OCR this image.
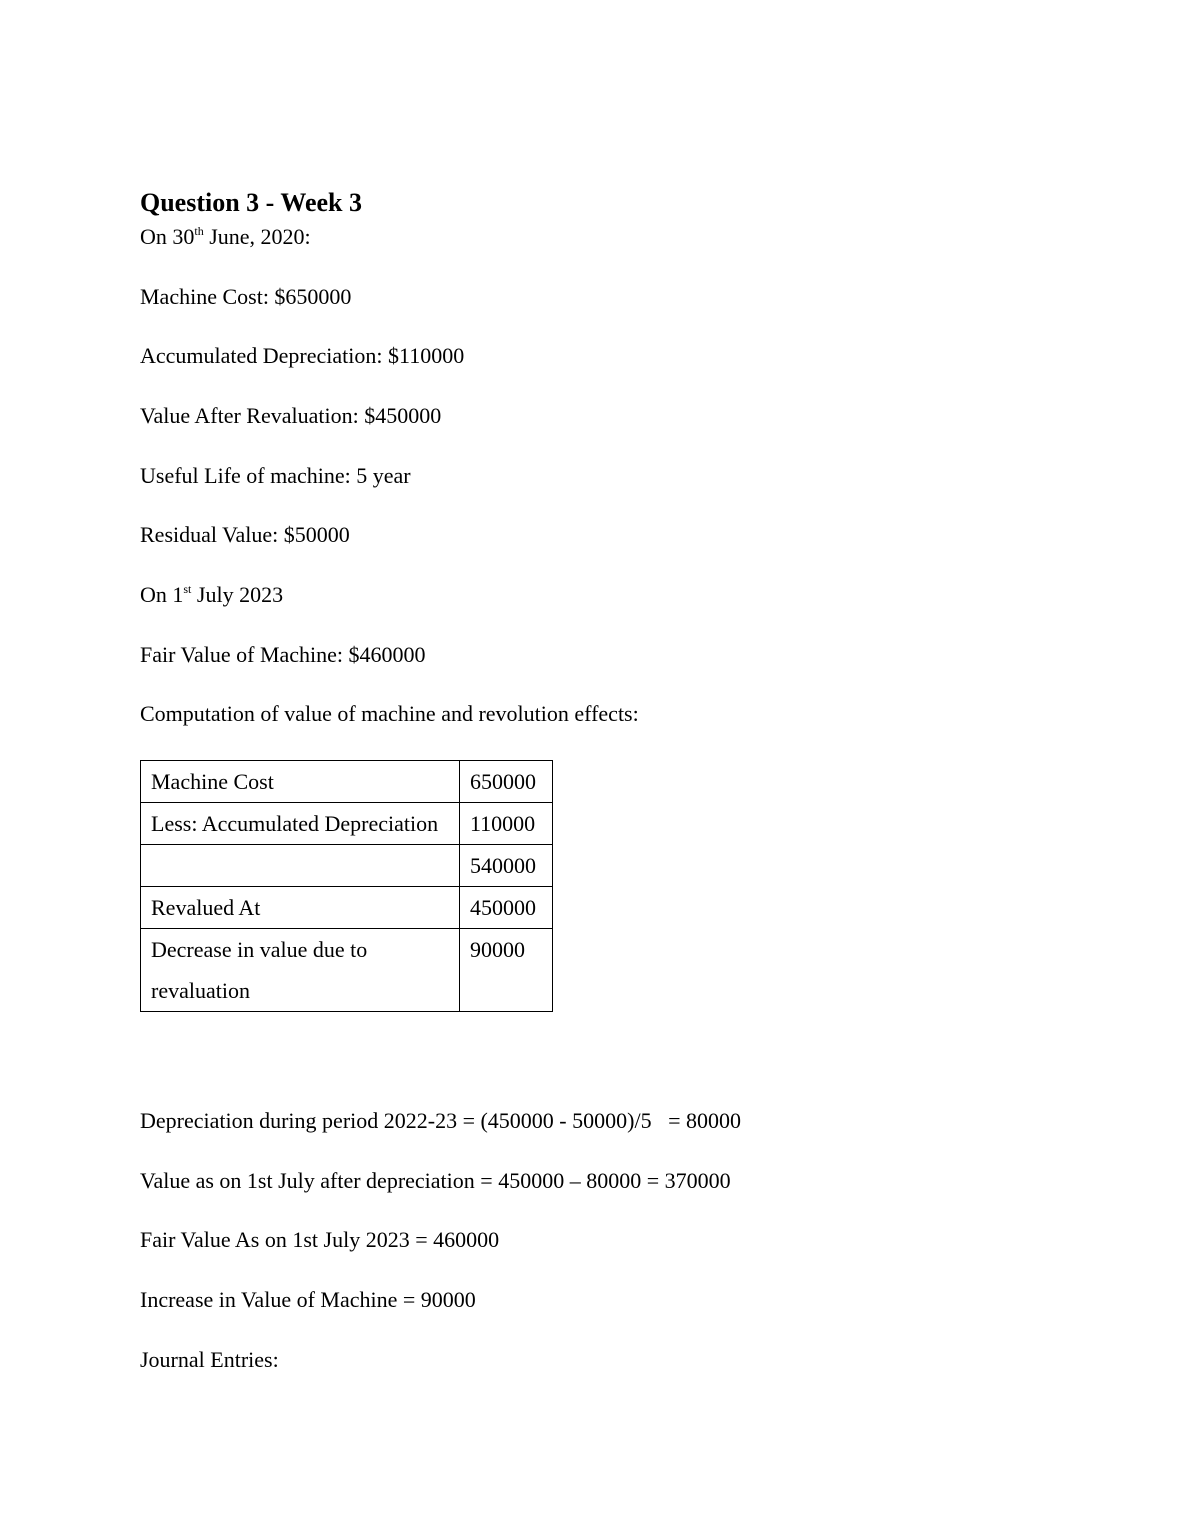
Question 3 - Week 3

On 30th June, 2020:

Machine Cost: $650000

Accumulated Depreciation: $110000

Value After Revaluation: $450000

Useful Life of machine: 5 year

Residual Value: $50000

On 1st July 2023

Fair Value of Machine: $460000

Computation of value of machine and revolution effects:

Machine Cost	650000
Less: Accumulated Depreciation	110000
	540000
Revalued At	450000
Decrease in value due to revaluation	90000

Depreciation during period 2022-23 = (450000 - 50000)/5   = 80000

Value as on 1st July after depreciation = 450000 – 80000 = 370000

Fair Value As on 1st July 2023 = 460000

Increase in Value of Machine = 90000

Journal Entries:
